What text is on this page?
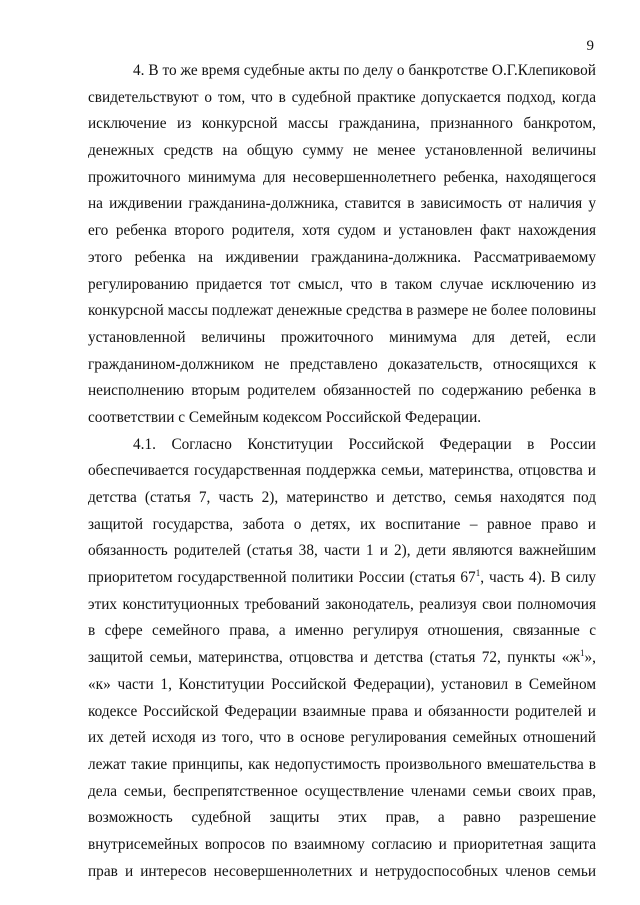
9
4. В то же время судебные акты по делу о банкротстве О.Г.Клепиковой
свидетельствуют о том, что в судебной практике допускается подход, когда
исключение из конкурсной массы гражданина, признанного банкротом,
денежных средств на общую сумму не менее установленной величины
прожиточного минимума для несовершеннолетнего ребенка, находящегося
на иждивении гражданина-должника, ставится в зависимость от наличия у
его ребенка второго родителя, хотя судом и установлен факт нахождения
этого ребенка на иждивении гражданина-должника. Рассматриваемому
регулированию придается тот смысл, что в таком случае исключению из
конкурсной массы подлежат денежные средства в размере не более половины
установленной величины прожиточного минимума для детей, если
гражданином-должником не представлено доказательств, относящихся к
неисполнению вторым родителем обязанностей по содержанию ребенка в
соответствии с Семейным кодексом Российской Федерации.
4.1. Согласно Конституции Российской Федерации в России
обеспечивается государственная поддержка семьи, материнства, отцовства и
детства (статья 7, часть 2), материнство и детство, семья находятся под
защитой государства, забота о детях, их воспитание – равное право и
обязанность родителей (статья 38, части 1 и 2), дети являются важнейшим
приоритетом государственной политики России (статья $67^1$, часть 4). В силу
этих конституционных требований законодатель, реализуя свои полномочия
в сфере семейного права, а именно регулируя отношения, связанные с
защитой семьи, материнства, отцовства и детства (статья 72, пункты «$ж^1$»,
«к» части 1, Конституции Российской Федерации), установил в Семейном
кодексе Российской Федерации взаимные права и обязанности родителей и
их детей исходя из того, что в основе регулирования семейных отношений
лежат такие принципы, как недопустимость произвольного вмешательства в
дела семьи, беспрепятственное осуществление членами семьи своих прав,
возможность судебной защиты этих прав, а равно разрешение
внутрисемейных вопросов по взаимному согласию и приоритетная защита
прав и интересов несовершеннолетних и нетрудоспособных членов семьи
